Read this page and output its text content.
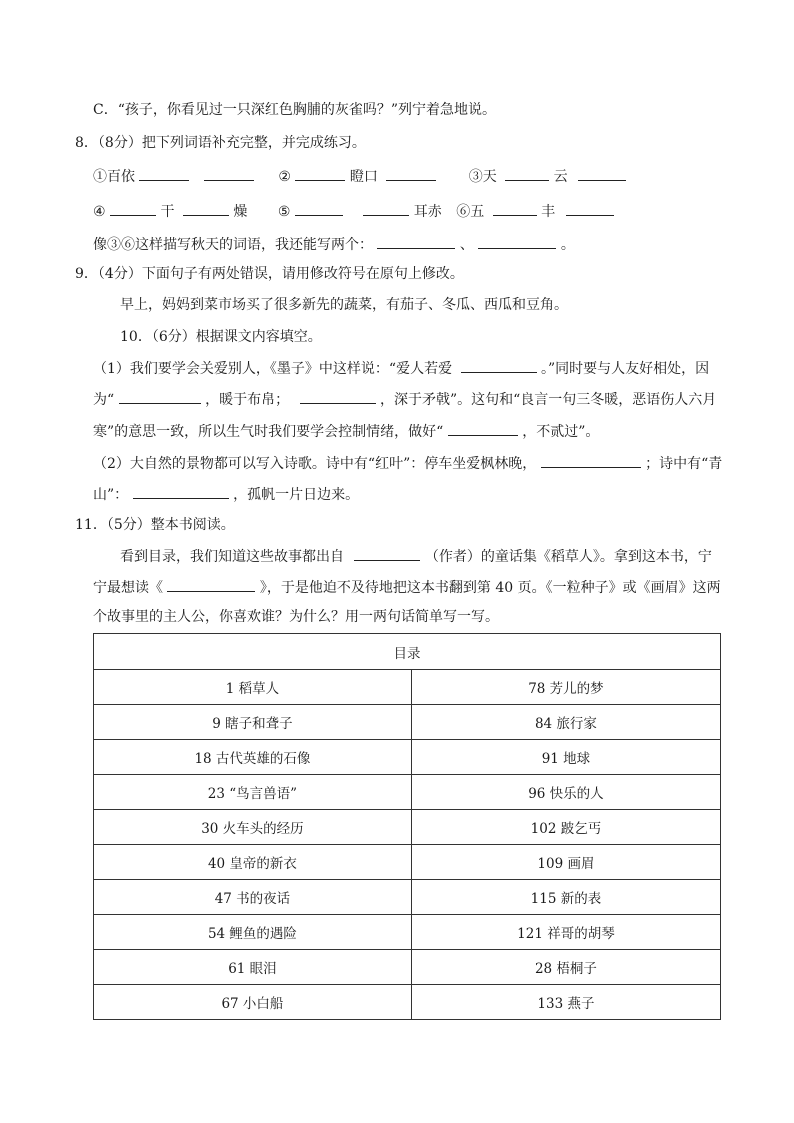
C．“孩子，你看见过一只深红色胸脯的灰雀吗？”列宁着急地说。
8．（8分）把下列词语补充完整，并完成练习。
①百依	②	瞪口	③天	云
④	干	燥 ⑤	耳赤 ⑥五	丰
像③⑥这样描写秋天的词语，我还能写两个：	、	。
9．（4分）下面句子有两处错误，请用修改符号在原句上修改。
早上，妈妈到菜市场买了很多新先的蔬菜，有茄子、冬瓜、西瓜和豆角。
10．（6分）根据课文内容填空。
（1）我们要学会关爱别人，《墨子》中这样说：“爱人若爱	。”同时要与人友好相处，因
为“	，暖于布帛；	，深于矛戟”。这句和“良言一句三冬暖，恶语伤人六月
寒”的意思一致，所以生气时我们要学会控制情绪，做好“	，不贰过”。
（2）大自然的景物都可以写入诗歌。诗中有“红叶”：停车坐爱枫林晚，	；诗中有“青
山”：	，孤帆一片日边来。
11．（5分）整本书阅读。
看到目录，我们知道这些故事都出自	（作者）的童话集《稻草人》。拿到这本书，宁
宁最想读《	》，于是他迫不及待地把这本书翻到第 40 页。《一粒种子》或《画眉》这两
个故事里的主人公，你喜欢谁？为什么？用一两句话简单写一写。
目录	
1 稻草人	78 芳儿的梦
9 瞎子和聋子	84 旅行家
18 古代英雄的石像	91 地球
23 “鸟言兽语”	96 快乐的人
30 火车头的经历	102 跛乞丐
40 皇帝的新衣	109 画眉
47 书的夜话	115 新的表
54 鲤鱼的遇险	121 祥哥的胡琴
61 眼泪	28 梧桐子
67 小白船	133 燕子
